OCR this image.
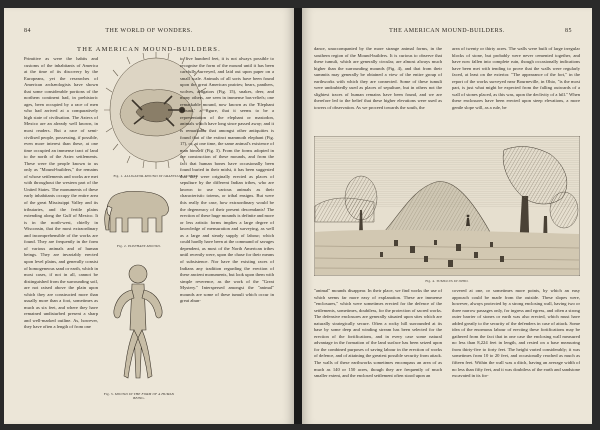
84	THE WORLD OF WONDERS.
THE AMERICAN MOUND-BUILDERS.

Primitive as were the habits and customs of the inhabitants of America at the time of its discovery by the Europeans, yet the researches of American archæologists have shown that some considerable portions of the northern continent had, in prehistoric ages, been occupied by a race of men who had arrived at a comparatively high state of civilisation. The Aztecs of Mexico are an already well known, in most readers. But a race of semi-civilised people, possessing, if possible, even more interest than these, at one time occupied an immense tract of land to the north of the Aztec settlements. These were the people known to us only as "Mound-builders," the remains of whose settlements and works are met with throughout the western part of the United States. The monuments of these early inhabitants occupy the entire area of the great Mississippi Valley and its tributaries, and the fertile plains extending along the Gulf of Mexico. It is in the north-west, chiefly in Wisconsin, that the most extraordinary and incomprehensible of the works are found. They are frequently in the form of various animals and of human beings. They are invariably erected upon level plains, and generally consist of homogeneous sand or earth, which in most cases, if not in all, cannot be distinguished from the surrounding soil, are not raised above the plain upon which they are constructed more than usually more than a foot, sometimes as much as six feet, and where they have remained undisturbed present a sharp and well-marked outline. As, however, they have often a length of from one

Fig. 1. ALLIGATOR-MOUND IN GRANVILLE COUNTY.
Fig. 2. ELEPHANT-MOUND.
Fig. 3. MOUND IN THE FORM OF A HUMAN BEING.

to five hundred feet, it is not always possible to recognise the form of the mound until it has been carefully surveyed, and laid out upon paper on a small scale. Animals of all sorts have been found upon the great American prairies; bears, panthers, wolves, alligators (Fig. 15), snakes, deer, and many others, are seen in immense bas-reliefs; one remarkable mound, now known as the 'Elephant Mound,' a figure, that it seems to be a representation of the elephant or mastodon, animals which have long since passed away; and it is remarkable that amongst other antiquities is found that of the extinct mammoth elephant (Fig. 17), or, at one time, the same animal's existence of man himself (Fig. 3). From the forms adopted in the construction of these mounds, and from the fact that human bones have occasionally been found buried in their midst, it has been suggested that they were originally erected as places of sepulture by the different Indian tribes, who are known to use various animals as their characteristic totems, or tribal ensigns. But were this really the case, how extraordinary would be the degeneracy of their present descendants! The erection of these huge mounds is definite and more or less artistic forms implies a large degree of knowledge of mensuration and surveying, as well as a large and steady supply of labour; which could hardly have been at the command of savages dependent, as most of the North American tribes until recently were, upon the chase for their means of subsistence. Nor have the existing races of Indians any tradition regarding the erection of these ancient monuments, but look upon them with simple reverence, as the work of the "Great Mystery." Interspersed amongst the "animal" mounds are some of these tumuli which occur in great abun-

THE AMERICAN MOUND-BUILDERS.	85

dance, unaccompanied by the more strange animal forms, in the southern region of the Mound-builders. It is curious to observe that these tumuli, which are generally circular, are almost always much higher than the surrounding mounds (Fig. 4), and that from their summits may generally be obtained a view of the entire group of earthworks with which they are connected. Some of these tumuli were undoubtedly used as places of sepulture, but in others not the slightest traces of human remains have been found, and we are therefore led to the belief that these higher elevations were used as towers of observation. As we proceed towards the south, the

area of twenty or thirty acres. The walls were built of large irregular blocks of stone, but probably were never cemented together, and have now fallen into complete ruin, though occasionally indications have been met with tending to prove that the walls were regularly faced, at least on the exterior. "The appearance of the fort," in the report of the works surveyed near Bourneville, in Ohio, "is the most part, is just what might be expected from the falling outwards of a wall of stones placed, as this was, upon the declivity of a hill." When these enclosures have been erected upon steep elevations, a more gentle slope will, as a rule, be

Fig. 4. TUMULUS IN OHIO.

"animal" mounds disappear. In their place, we find works the use of which seems far more easy of explanation. These are immense "enclosures," which were sometimes erected for the defence of the settlements, sometimes, doubtless, for the protection of sacred works. The defensive enclosures are generally situated upon sites which are naturally strategically secure. Often a rocky hill surrounded at its base by some deep and winding stream has been selected for the erection of the fortifications, and in every case some natural advantage in the formation of the land surface has been seized upon for the combined purposes of saving labour in the erection of works of defence, and of attaining the greatest possible security from attack. The walls of these earthworks sometimes encompass an area of as much as 140 or 150 acres, though they are frequently of much smaller extent, and the enclosed settlement often stood upon an

covered at one, or sometimes more points, by which an easy approach could be made from the outside. These slopes were, however, always protected by a strong enclosing wall, having two or three narrow passages only, for ingress and egress, and often a strong outer barrier of stones or earth was also erected, which must have added greatly to the security of the defenders in case of attack. Some idea of the enormous labour of erecting these fortifications may be gathered from the fact that in one case the enclosing wall measured no less than 8,224 feet in length, and rested on a base measuring from thirty-five to forty feet. The height varied considerably; it was sometimes from 10 to 20 feet, and occasionally reached as much as fifteen feet. Within the wall was a ditch, having an average width of no less than fifty feet, and it was doubtless of the earth and sandstone excavated in its for-
